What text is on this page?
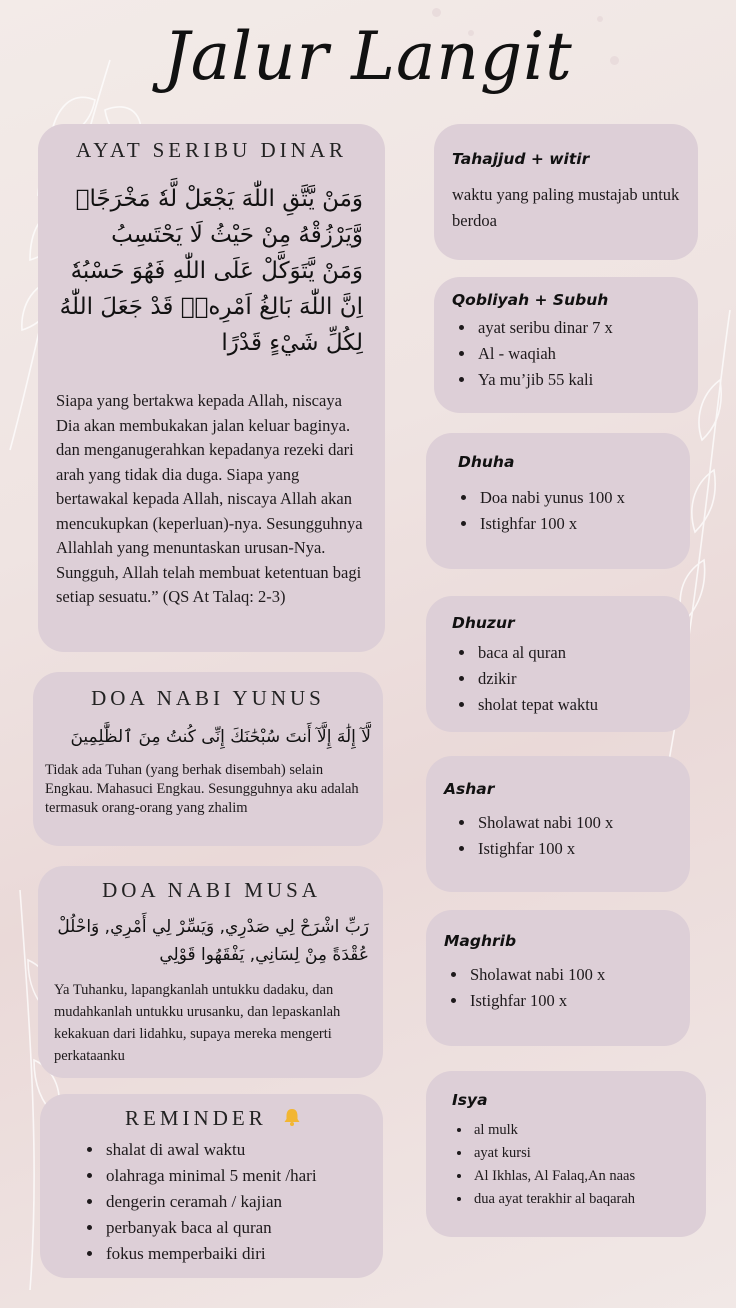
Jalur Langit
AYAT SERIBU DINAR
وَمَنْ يَّتَّقِ اللّٰهَ يَجْعَلْ لَّهٗ مَخْرَجًاۙ
وَّيَرْزُقْهُ مِنْ حَيْثُ لَا يَحْتَسِبُ
وَمَنْ يَّتَوَكَّلْ عَلَى اللّٰهِ فَهُوَ حَسْبُهٗ
اِنَّ اللّٰهَ بَالِغُ اَمْرِهٖۗ قَدْ جَعَلَ اللّٰهُ
لِكُلِّ شَيْءٍ قَدْرًا
Siapa yang bertakwa kepada Allah, niscaya Dia akan membukakan jalan keluar baginya. dan menganugerahkan kepadanya rezeki dari arah yang tidak dia duga. Siapa yang bertawakal kepada Allah, niscaya Allah akan mencukupkan (keperluan)-nya. Sesungguhnya Allahlah yang menuntaskan urusan-Nya. Sungguh, Allah telah membuat ketentuan bagi setiap sesuatu.” (QS At Talaq: 2-3)
DOA NABI YUNUS
لَّآ إِلَٰهَ إِلَّآ أَنتَ سُبْحَٰنَكَ إِنِّى كُنتُ مِنَ ٱلظَّٰلِمِينَ
Tidak ada Tuhan (yang berhak disembah) selain Engkau. Mahasuci Engkau. Sesungguhnya aku adalah termasuk orang-orang yang zhalim
DOA NABI MUSA
رَبِّ اشْرَحْ لِي صَدْرِي, وَيَسِّرْ لِي أَمْرِي, وَاحْلُلْ
عُقْدَةً مِنْ لِسَانِي, يَفْقَهُوا قَوْلِي
Ya Tuhanku, lapangkanlah untukku dadaku, dan mudahkanlah untukku urusanku, dan lepaskanlah kekakuan dari lidahku, supaya mereka mengerti perkataanku
REMINDER
• shalat di awal waktu
• olahraga minimal 5 menit /hari
• dengerin ceramah / kajian
• perbanyak baca al quran
• fokus memperbaiki diri
Tahajjud + witir
waktu yang paling mustajab untuk berdoa
Qobliyah + Subuh
• ayat seribu dinar 7 x
• Al - waqiah
• Ya mu’jib 55 kali
Dhuha
• Doa nabi yunus 100 x
• Istighfar 100 x
Dhuzur
• baca al quran
• dzikir
• sholat tepat waktu
Ashar
• Sholawat nabi 100 x
• Istighfar 100 x
Maghrib
• Sholawat nabi 100 x
• Istighfar 100 x
Isya
• al mulk
• ayat kursi
• Al Ikhlas, Al Falaq,An naas
• dua ayat terakhir al baqarah
